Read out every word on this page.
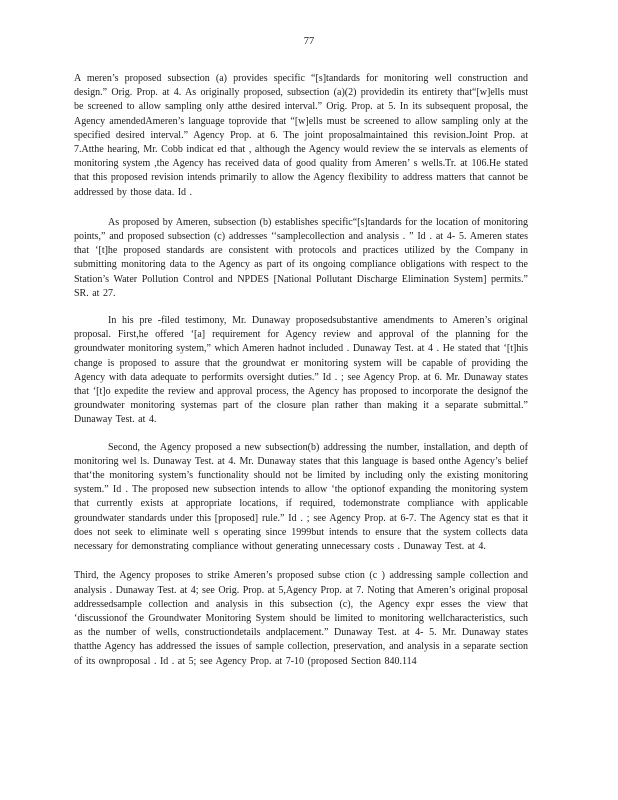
77

A meren’s proposed subsection (a) provides specific “[s]tandards for monitoring well construction and design.” Orig. Prop. at 4. As originally proposed, subsection (a)(2) providedin its entirety that“[w]ells must be screened to allow sampling only atthe desired interval.” Orig. Prop. at 5. In its subsequent proposal, the Agency amendedAmeren’s language toprovide that “[w]ells must be screened to allow sampling only at the specified desired interval.” Agency Prop. at 6. The joint proposalmaintained this revision.Joint Prop. at 7.Atthe hearing, Mr. Cobb indicat ed that , although the Agency would review the se intervals as elements of monitoring system ,the Agency has received data of good quality from Ameren’ s wells.Tr. at 106.He stated that this proposed revision intends primarily to allow the Agency flexibility to address matters that cannot be addressed by those data. Id .

As proposed by Ameren, subsection (b) establishes specific“[s]tandards for the location of monitoring points,” and proposed subsection (c) addresses ‘‘samplecollection and analysis . ” Id . at 4- 5. Ameren states that ‘[t]he proposed standards are consistent with protocols and practices utilized by the Company in submitting monitoring data to the Agency as part of its ongoing compliance obligations with respect to the Station’s Water Pollution Control and NPDES [National Pollutant Discharge Elimination System] permits.” SR. at 27.

In his pre -filed testimony, Mr. Dunaway proposedsubstantive amendments to Ameren’s original proposal. First,he offered ‘[a] requirement for Agency review and approval of the planning for the groundwater monitoring system,” which Ameren hadnot included . Dunaway Test. at 4 . He stated that ‘[t]his change is proposed to assure that the groundwat er monitoring system will be capable of providing the Agency with data adequate to performits oversight duties.” Id . ; see Agency Prop. at 6. Mr. Dunaway states that ‘[t]o expedite the review and approval process, the Agency has proposed to incorporate the designof the groundwater monitoring systemas part of the closure plan rather than making it a separate submittal.” Dunaway Test. at 4.

Second, the Agency proposed a new subsection(b) addressing the number, installation, and depth of monitoring wel ls. Dunaway Test. at 4. Mr. Dunaway states that this language is based onthe Agency’s belief that‘the monitoring system’s functionality should not be limited by including only the existing monitoring system.” Id . The proposed new subsection intends to allow ‘the optionof expanding the monitoring system that currently exists at appropriate locations, if required, todemonstrate compliance with applicable groundwater standards under this [proposed] rule.” Id . ; see Agency Prop. at 6-7. The Agency stat es that it does not seek to eliminate well s operating since 1999but intends to ensure that the system collects data necessary for demonstrating compliance without generating unnecessary costs . Dunaway Test. at 4.

Third, the Agency proposes to strike Ameren’s proposed subse ction (c ) addressing sample collection and analysis . Dunaway Test. at 4; see Orig. Prop. at 5,Agency Prop. at 7. Noting that Ameren’s original proposal addressedsample collection and analysis in this subsection (c), the Agency expr esses the view that ‘discussionof the Groundwater Monitoring System should be limited to monitoring wellcharacteristics, such as the number of wells, constructiondetails andplacement.” Dunaway Test. at 4- 5. Mr. Dunaway states thatthe Agency has addressed the issues of sample collection, preservation, and analysis in a separate section of its ownproposal . Id . at 5; see Agency Prop. at 7-10 (proposed Section 840.114
